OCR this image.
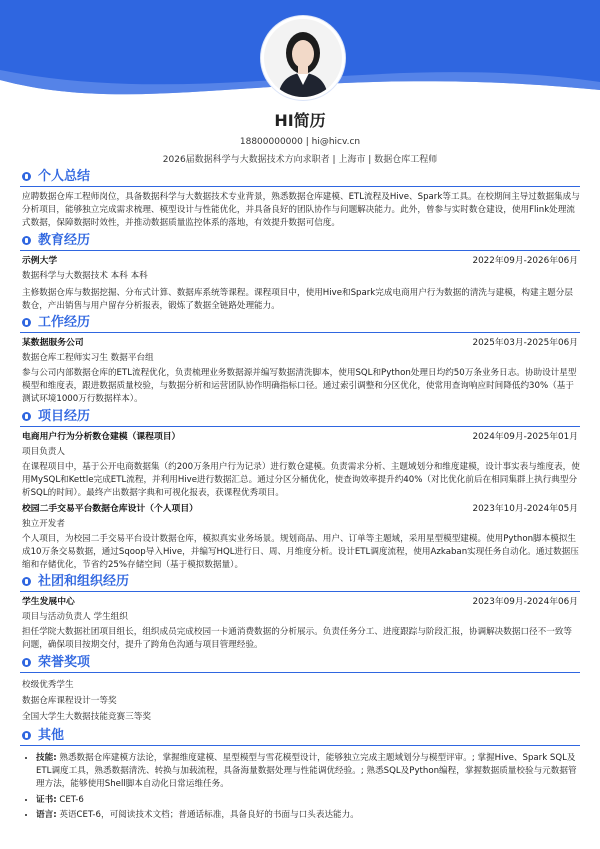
HI简历
18800000000 | hi@hicv.cn
2026届数据科学与大数据技术方向求职者 | 上海市 | 数据仓库工程师
个人总结

应聘数据仓库工程师岗位，具备数据科学与大数据技术专业背景，熟悉数据仓库建模、ETL流程及Hive、Spark等工具。在校期间主导过数据集成与分析项目，能够独立完成需求梳理、模型设计与性能优化，并具备良好的团队协作与问题解决能力。此外，曾参与实时数仓建设，使用Flink处理流式数据，保障数据时效性，并推动数据质量监控体系的落地，有效提升数据可信度。

教育经历
示例大学	2022年09月-2026年06月
数据科学与大数据技术 本科 本科

主修数据仓库与数据挖掘、分布式计算、数据库系统等课程。课程项目中，使用Hive和Spark完成电商用户行为数据的清洗与建模，构建主题分层数仓，产出销售与用户留存分析报表，锻炼了数据全链路处理能力。

工作经历
某数据服务公司	2025年03月-2025年06月
数据仓库工程师实习生 数据平台组

参与公司内部数据仓库的ETL流程优化，负责梳理业务数据源并编写数据清洗脚本，使用SQL和Python处理日均约50万条业务日志。协助设计星型模型和维度表，跟进数据质量校验，与数据分析和运营团队协作明确指标口径。通过索引调整和分区优化，使常用查询响应时间降低约30%（基于测试环境1000万行数据样本）。

项目经历
电商用户行为分析数仓建模（课程项目）	2024年09月-2025年01月
项目负责人

在课程项目中，基于公开电商数据集（约200万条用户行为记录）进行数仓建模。负责需求分析、主题域划分和维度建模，设计事实表与维度表，使用MySQL和Kettle完成ETL流程，并利用Hive进行数据汇总。通过分区分桶优化，使查询效率提升约40%（对比优化前后在相同集群上执行典型分析SQL的时间）。最终产出数据字典和可视化报表，获课程优秀项目。

校园二手交易平台数据仓库设计（个人项目）	2023年10月-2024年05月
独立开发者

个人项目，为校园二手交易平台设计数据仓库，模拟真实业务场景。规划商品、用户、订单等主题域，采用星型模型建模。使用Python脚本模拟生成10万条交易数据，通过Sqoop导入Hive，并编写HQL进行日、周、月维度分析。设计ETL调度流程，使用Azkaban实现任务自动化。通过数据压缩和存储优化，节省约25%存储空间（基于模拟数据量）。

社团和组织经历
学生发展中心	2023年09月-2024年06月
项目与活动负责人 学生组织

担任学院大数据社团项目组长，组织成员完成校园一卡通消费数据的分析展示。负责任务分工、进度跟踪与阶段汇报，协调解决数据口径不一致等问题，确保项目按期交付，提升了跨角色沟通与项目管理经验。

荣誉奖项
校级优秀学生
数据仓库课程设计一等奖
全国大学生大数据技能竞赛三等奖
其他
• 技能: 熟悉数据仓库建模方法论，掌握维度建模、星型模型与雪花模型设计，能够独立完成主题域划分与模型评审。; 掌握Hive、Spark SQL及ETL调度工具，熟悉数据清洗、转换与加载流程，具备海量数据处理与性能调优经验。; 熟悉SQL及Python编程，掌握数据质量校验与元数据管理方法，能够使用Shell脚本自动化日常运维任务。
• 证书: CET-6
• 语言: 英语CET-6，可阅读技术文档；普通话标准，具备良好的书面与口头表达能力。
